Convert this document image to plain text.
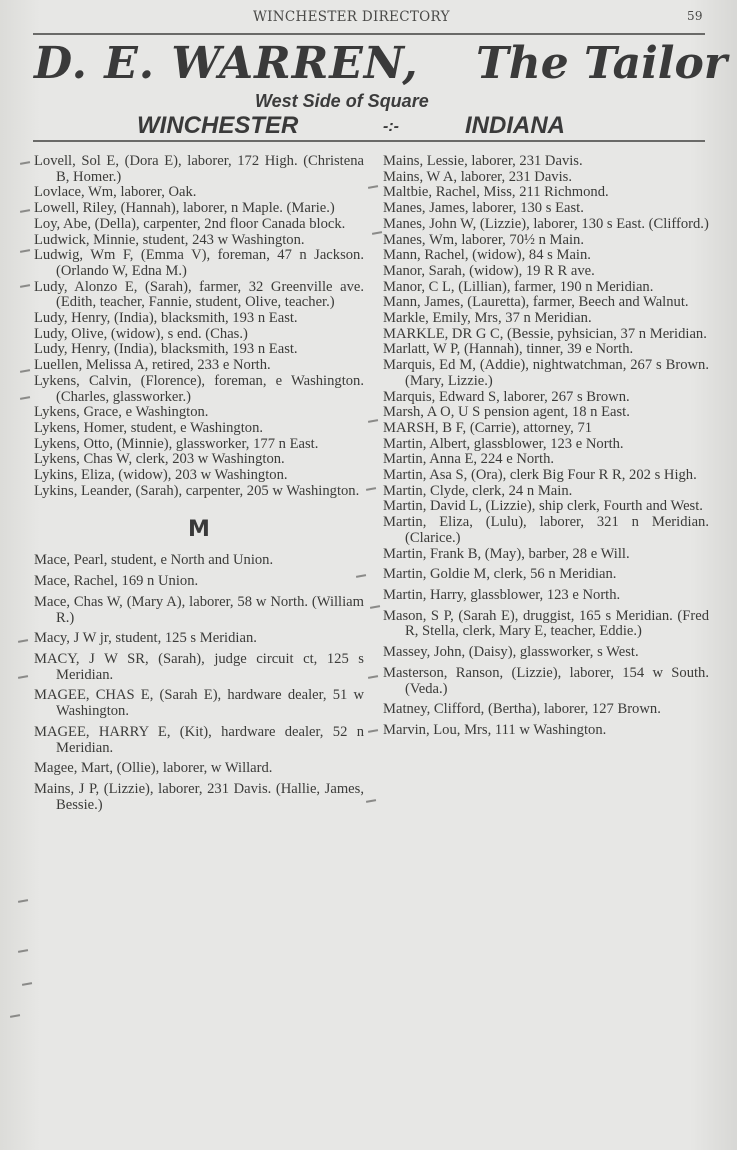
WINCHESTER DIRECTORY	59
D. E. WARREN, The Tailor
West Side of Square
WINCHESTER	-:-	INDIANA

Lovell, Sol E, (Dora E), laborer, 172 High. (Christena B, Homer.)

Lovlace, Wm, laborer, Oak.

Lowell, Riley, (Hannah), laborer, n Maple. (Marie.)

Loy, Abe, (Della), carpenter, 2nd floor Canada block.

Ludwick, Minnie, student, 243 w Washington.

Ludwig, Wm F, (Emma V), foreman, 47 n Jackson. (Orlando W, Edna M.)

Ludy, Alonzo E, (Sarah), farmer, 32 Greenville ave. (Edith, teacher, Fannie, student, Olive, teacher.)

Ludy, Henry, (India), blacksmith, 193 n East.

Ludy, Olive, (widow), s end. (Chas.)

Ludy, Henry, (India), blacksmith, 193 n East.

Luellen, Melissa A, retired, 233 e North.

Lykens, Calvin, (Florence), foreman, e Washington. (Charles, glassworker.)

Lykens, Grace, e Washington.

Lykens, Homer, student, e Washington.

Lykens, Otto, (Minnie), glassworker, 177 n East.

Lykens, Chas W, clerk, 203 w Washington.

Lykins, Eliza, (widow), 203 w Washington.

Lykins, Leander, (Sarah), carpenter, 205 w Washington.

M

Mace, Pearl, student, e North and Union.

Mace, Rachel, 169 n Union.

Mace, Chas W, (Mary A), laborer, 58 w North. (William R.)

Macy, J W jr, student, 125 s Meridian.

MACY, J W SR, (Sarah), judge circuit ct, 125 s Meridian.

MAGEE, CHAS E, (Sarah E), hardware dealer, 51 w Washington.

MAGEE, HARRY E, (Kit), hardware dealer, 52 n Meridian.

Magee, Mart, (Ollie), laborer, w Willard.

Mains, J P, (Lizzie), laborer, 231 Davis. (Hallie, James, Bessie.)

Mains, Lessie, laborer, 231 Davis.

Mains, W A, laborer, 231 Davis.

Maltbie, Rachel, Miss, 211 Richmond.

Manes, James, laborer, 130 s East.

Manes, John W, (Lizzie), laborer, 130 s East. (Clifford.)

Manes, Wm, laborer, 70½ n Main.

Mann, Rachel, (widow), 84 s Main.

Manor, Sarah, (widow), 19 R R ave.

Manor, C L, (Lillian), farmer, 190 n Meridian.

Mann, James, (Lauretta), farmer, Beech and Walnut.

Markle, Emily, Mrs, 37 n Meridian.

MARKLE, DR G C, (Bessie, pyhsician, 37 n Meridian.

Marlatt, W P, (Hannah), tinner, 39 e North.

Marquis, Ed M, (Addie), nightwatchman, 267 s Brown. (Mary, Lizzie.)

Marquis, Edward S, laborer, 267 s Brown.

Marsh, A O, U S pension agent, 18 n East.

MARSH, B F, (Carrie), attorney, 71

Martin, Albert, glassblower, 123 e North.

Martin, Anna E, 224 e North.

Martin, Asa S, (Ora), clerk Big Four R R, 202 s High.

Martin, Clyde, clerk, 24 n Main.

Martin, David L, (Lizzie), ship clerk, Fourth and West.

Martin, Eliza, (Lulu), laborer, 321 n Meridian. (Clarice.)

Martin, Frank B, (May), barber, 28 e Will.

Martin, Goldie M, clerk, 56 n Meridian.

Martin, Harry, glassblower, 123 e North.

Mason, S P, (Sarah E), druggist, 165 s Meridian. (Fred R, Stella, clerk, Mary E, teacher, Eddie.)

Massey, John, (Daisy), glassworker, s West.

Masterson, Ranson, (Lizzie), laborer, 154 w South. (Veda.)

Matney, Clifford, (Bertha), laborer, 127 Brown.

Marvin, Lou, Mrs, 111 w Washington.
